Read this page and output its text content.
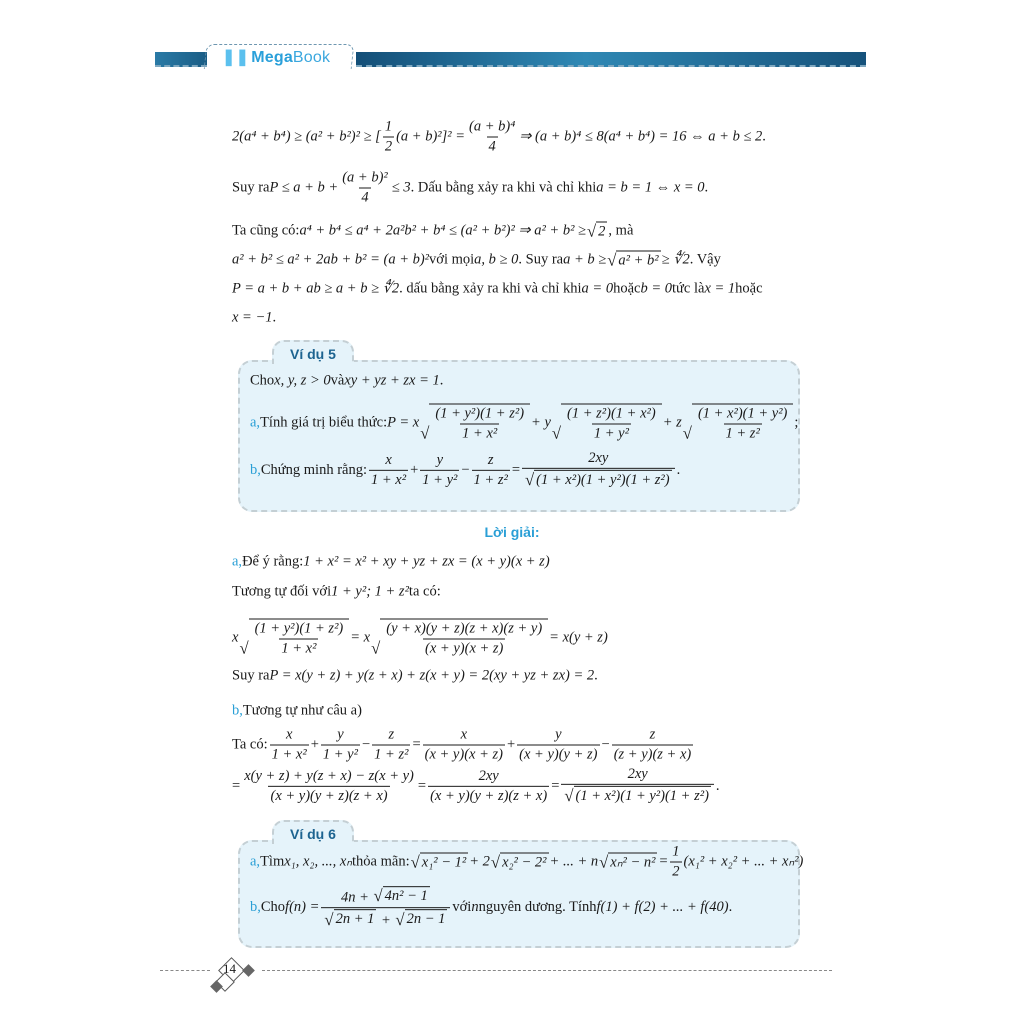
❚❚ MegaBook
Ví dụ 5
Lời giải:
Ví dụ 6
2(a⁴ + b⁴) ≥ (a² + b²)² ≥ [ $\frac{1}{2} (a + b)^2]^2 = \frac{\text{(a + b)⁴}}{4}$ ⇒ (a + b)⁴ ≤ 8(a⁴ + b⁴) = 16 ⇔ a + b ≤ 2 .
Suy ra $P \le a + b + \frac{\text{(a + b)²}}{4} \le 3$ . Dấu bằng xảy ra khi và chỉ khi a = b = 1 ⇔ x = 0 .
Ta cũng có: a⁴ + b⁴ ≤ a⁴ + 2a²b² + b⁴ ≤ (a² + b²)² ⇒ a² + b² ≥ √ 2 , mà
a² + b² ≤ a² + 2ab + b² = (a + b)² với mọi a, b ≥ 0 . Suy ra a + b ≥ √ a² + b² ≥ ∜2 . Vậy
P = a + b + ab ≥ a + b ≥ ∜2 . dấu bằng xảy ra khi và chỉ khi a = 0 hoặc b = 0 tức là x = 1 hoặc
x = −1 .
Cho x, y, z > 0 và xy + yz + zx = 1 .
a, Tính giá trị biểu thức: P = x
√ $\frac{\text{(1 + y²)(1 + z²)}}{\text{1 + x²}} + y$
√ $\frac{\text{(1 + z²)(1 + x²)}}{\text{1 + y²}} + z$
√ $\frac{\text{(1 + x²)(1 + y²)}}{\text{1 + z²}}$ ;
b, Chứng minh rằng: $\frac{x}{\text{1 + x²}} + \frac{y}{\text{1 + y²}} - \frac{z}{\text{1 + z²}} = \frac{2xy}{\text{√ (1 + x²)(1 + y²)(1 + z²)}}$ .
a, Để ý rằng: 1 + x² = x² + xy + yz + zx = (x + y)(x + z)
Tương tự đối với 1 + y²; 1 + z² ta có:
x
√ $\frac{\text{(1 + y²)(1 + z²)}}{\text{1 + x²}} = x$
√ $\frac{(y + x)(y + z)(z + x)(z + y)}{(x + y)(x + z)} = x(y + z)$
Suy ra P = x(y + z) + y(z + x) + z(x + y) = 2(xy + yz + zx) = 2 .
b, Tương tự như câu a)
Ta có: $\frac{x}{\text{1 + x²}} + \frac{y}{\text{1 + y²}} - \frac{z}{\text{1 + z²}} = \frac{x}{(x + y)(x + z)} + \frac{y}{(x + y)(y + z)} - \frac{z}{(z + y)(z + x)}$
= $\frac{x(y + z) + y(z + x) - z(x + y)}{(x + y)(y + z)(z + x)} = \frac{2xy}{(x + y)(y + z)(z + x)} = \frac{2xy}{\text{√ (1 + x²)(1 + y²)(1 + z²)}}$ .
a, Tìm x₁, x₂, ..., xₙ thỏa mãn: √ x₁² − 1² + 2 √ x₂² − 2² + ... + n √ $x_n^2 - n^2 = \frac{1}{2} (x_1^2 + x_2^2$ + ... + xₙ²)
b, Cho $f(n) = \frac{\text{4n + √ 4n² − 1}}{√ 2n + 1 + √ 2n - 1}$ với n nguyên dương. Tính f(1) + f(2) + ... + f(40) .
14
